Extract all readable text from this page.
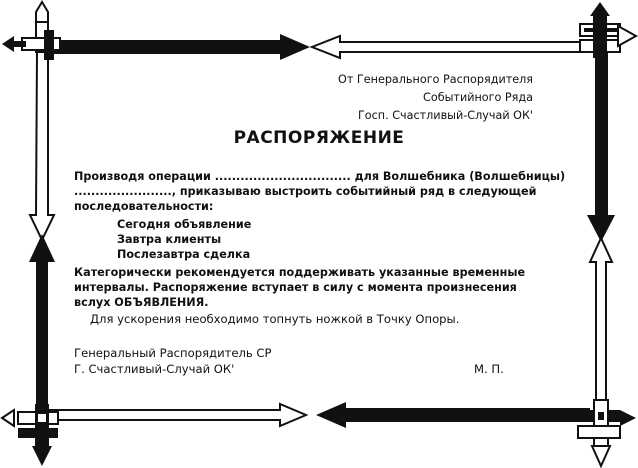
От Генерального Распорядителя
Событийного Ряда
Госп. Счастливый-Случай ОК'
РАСПОРЯЖЕНИЕ
Производя операции ................................ для Волшебника (Волшебницы)
......................., приказываю выстроить событийный ряд в следующей
последовательности:
Сегодня объявление
Завтра клиенты
Послезавтра сделка
Категорически рекомендуется поддерживать указанные временные
интервалы. Распоряжение вступает в силу с момента произнесения
вслух ОБЪЯВЛЕНИЯ.
Для ускорения необходимо топнуть ножкой в Точку Опоры.
Генеральный Распорядитель СР
Г. Счастливый-Случай ОК'	М. П.
